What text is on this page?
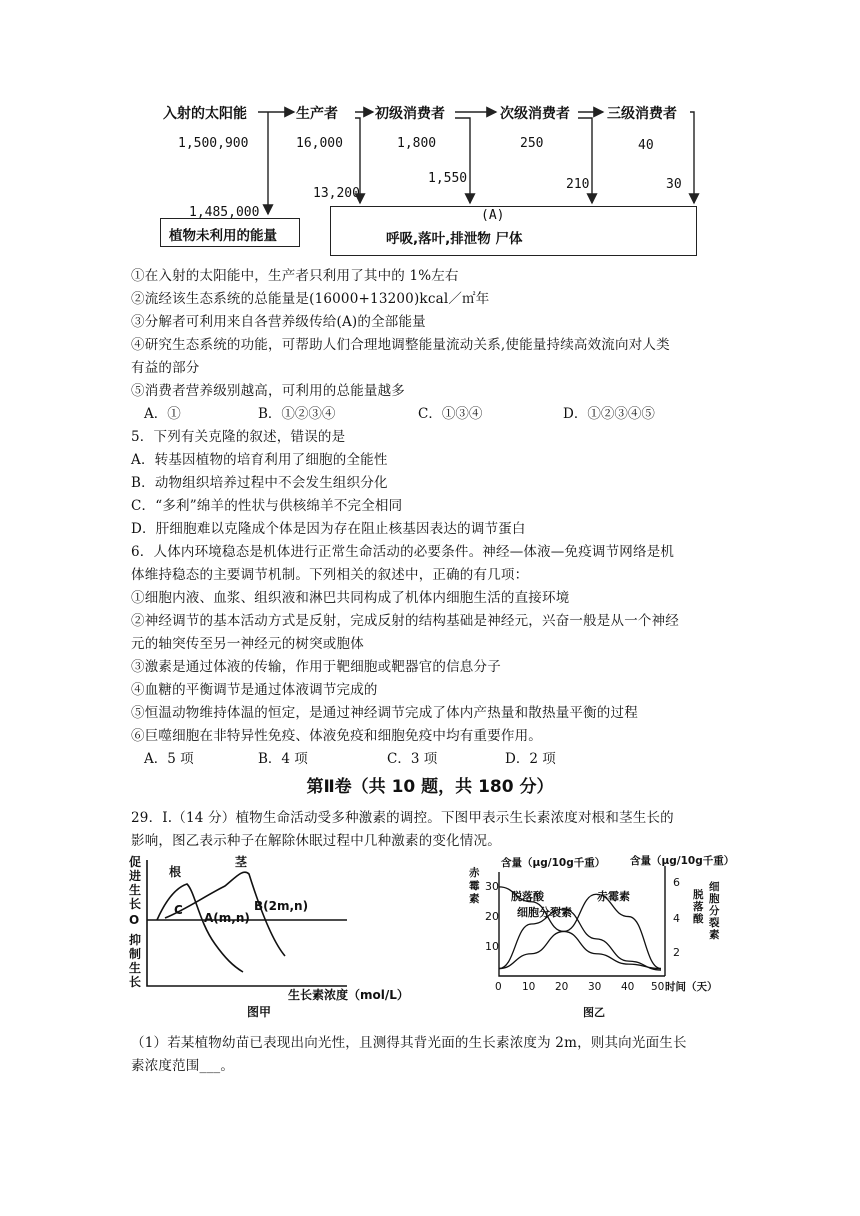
入射的太阳能	生产者	初级消费者	次级消费者	三级消费者
1,500,900	16,000	1,800	250	40
1,485,000
13,200
1,550	210	30
植物未利用的能量
(A)
呼吸,落叶,排泄物 尸体
①在入射的太阳能中，生产者只利用了其中的 1%左右
②流经该生态系统的总能量是(16000+13200)kcal／㎡年
③分解者可利用来自各营养级传给(A)的全部能量
④研究生态系统的功能，可帮助人们合理地调整能量流动关系,使能量持续高效流向对人类
有益的部分
⑤消费者营养级别越高，可利用的总能量越多
A．①	B．①②③④	C．①③④	D．①②③④⑤
5．下列有关克隆的叙述，错误的是
A．转基因植物的培育利用了细胞的全能性
B．动物组织培养过程中不会发生组织分化
C．“多利”绵羊的性状与供核绵羊不完全相同
D．肝细胞难以克隆成个体是因为存在阻止核基因表达的调节蛋白
6．人体内环境稳态是机体进行正常生命活动的必要条件。神经—体液—免疫调节网络是机
体维持稳态的主要调节机制。下列相关的叙述中，正确的有几项：
①细胞内液、血浆、组织液和淋巴共同构成了机体内细胞生活的直接环境
②神经调节的基本活动方式是反射，完成反射的结构基础是神经元，兴奋一般是从一个神经
元的轴突传至另一神经元的树突或胞体
③激素是通过体液的传输，作用于靶细胞或靶器官的信息分子
④血糖的平衡调节是通过体液调节完成的
⑤恒温动物维持体温的恒定，是通过神经调节完成了体内产热量和散热量平衡的过程
⑥巨噬细胞在非特异性免疫、体液免疫和细胞免疫中均有重要作用。
A．5 项	B．4 项	C．3 项	D．2 项
第Ⅱ卷（共 10 题，共 180 分）
29．Ⅰ.（14 分）植物生命活动受多种激素的调控。下图甲表示生长素浓度对根和茎生长的
影响，图乙表示种子在解除休眠过程中几种激素的变化情况。
促进生长
O
抑制生长
根
茎
C
A(m,n)
B(2m,n)
生长素浓度（mol/L）
图甲
赤霉素
含量（μg/10g千重） 含量（μg/10g千重）
细胞分裂素
脱落酸
30
20
10
6
4
2
0 10 20 30 40 50 时间（天）
脱落酸
细胞分裂素
赤霉素
图乙
（1）若某植物幼苗已表现出向光性，且测得其背光面的生长素浓度为 2m，则其向光面生长
素浓度范围___。
